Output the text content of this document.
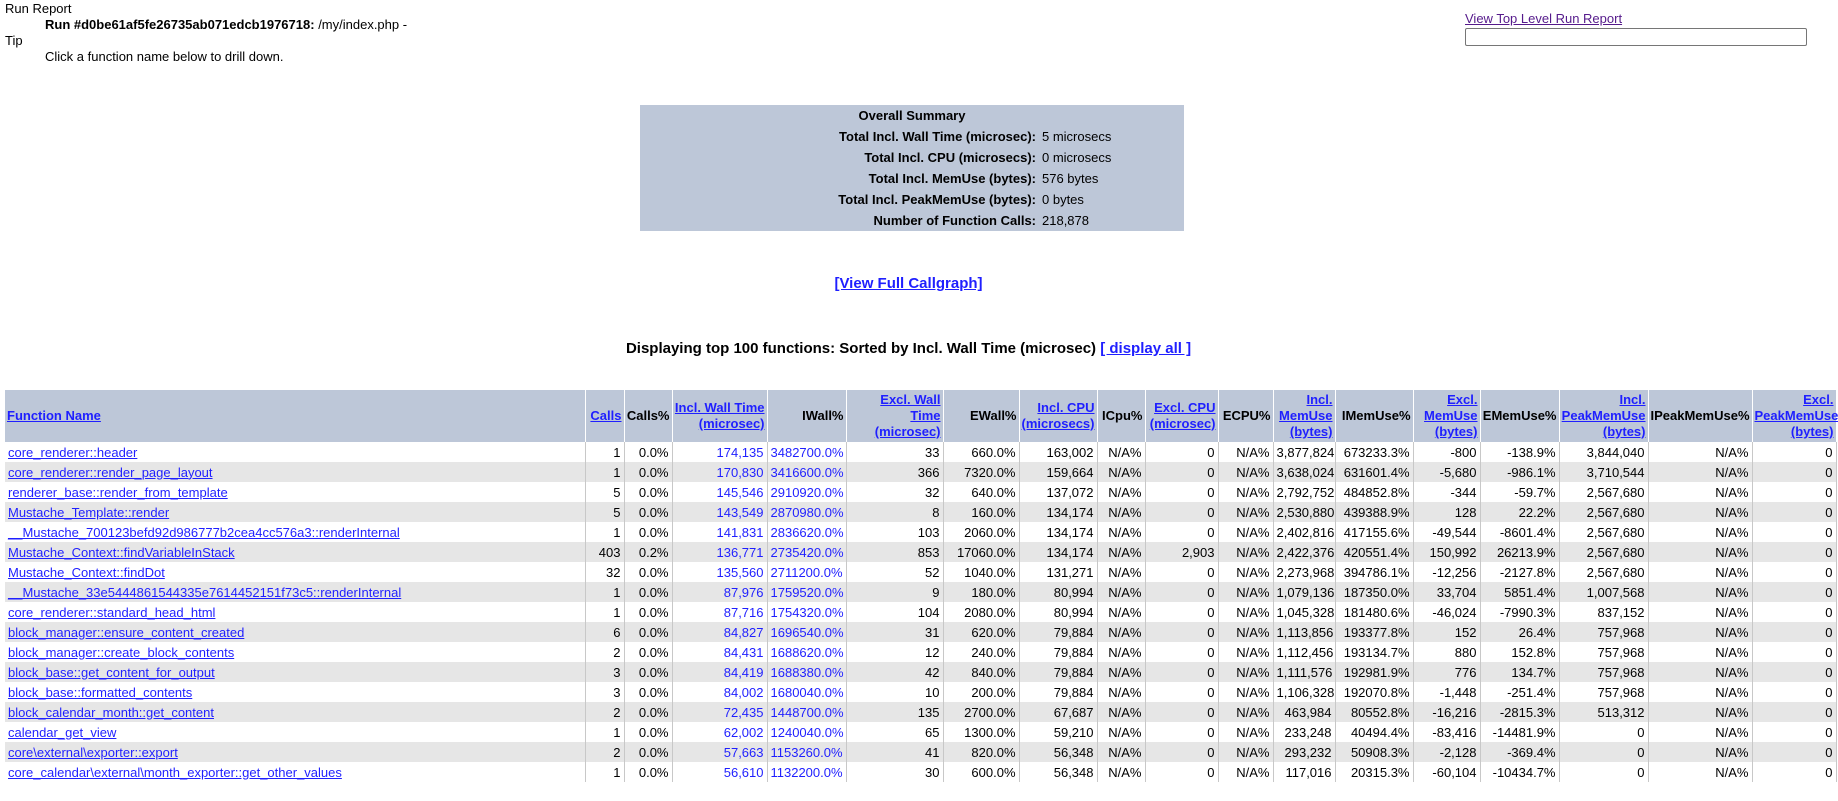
Run Report
Run #d0be61af5fe26735ab071edcb1976718: /my/index.php -
Tip
Click a function name below to drill down.
View Top Level Run Report
Overall Summary	
Total Incl. Wall Time (microsec):	5 microsecs
Total Incl. CPU (microsecs):	0 microsecs
Total Incl. MemUse (bytes):	576 bytes
Total Incl. PeakMemUse (bytes):	0 bytes
Number of Function Calls:	218,878
[View Full Callgraph]
Displaying top 100 functions: Sorted by Incl. Wall Time (microsec) [ display all ]
Function Name	Calls	Calls%	Incl. Wall Time (microsec)	IWall%	Excl. Wall Time (microsec)	EWall%	Incl. CPU (microsecs)	ICpu%	Excl. CPU (microsec)	ECPU%	Incl. MemUse (bytes)	IMemUse%	Excl. MemUse (bytes)	EMemUse%	Incl. PeakMemUse (bytes)	IPeakMemUse%	Excl. PeakMemUse (bytes)
core_renderer::header	1	0.0%	174,135	3482700.0%	33	660.0%	163,002	N/A%	0	N/A%	3,877,824	673233.3%	-800	-138.9%	3,844,040	N/A%	0
core_renderer::render_page_layout	1	0.0%	170,830	3416600.0%	366	7320.0%	159,664	N/A%	0	N/A%	3,638,024	631601.4%	-5,680	-986.1%	3,710,544	N/A%	0
renderer_base::render_from_template	5	0.0%	145,546	2910920.0%	32	640.0%	137,072	N/A%	0	N/A%	2,792,752	484852.8%	-344	-59.7%	2,567,680	N/A%	0
Mustache_Template::render	5	0.0%	143,549	2870980.0%	8	160.0%	134,174	N/A%	0	N/A%	2,530,880	439388.9%	128	22.2%	2,567,680	N/A%	0
__Mustache_700123befd92d986777b2cea4cc576a3::renderInternal	1	0.0%	141,831	2836620.0%	103	2060.0%	134,174	N/A%	0	N/A%	2,402,816	417155.6%	-49,544	-8601.4%	2,567,680	N/A%	0
Mustache_Context::findVariableInStack	403	0.2%	136,771	2735420.0%	853	17060.0%	134,174	N/A%	2,903	N/A%	2,422,376	420551.4%	150,992	26213.9%	2,567,680	N/A%	0
Mustache_Context::findDot	32	0.0%	135,560	2711200.0%	52	1040.0%	131,271	N/A%	0	N/A%	2,273,968	394786.1%	-12,256	-2127.8%	2,567,680	N/A%	0
__Mustache_33e5444861544335e7614452151f73c5::renderInternal	1	0.0%	87,976	1759520.0%	9	180.0%	80,994	N/A%	0	N/A%	1,079,136	187350.0%	33,704	5851.4%	1,007,568	N/A%	0
core_renderer::standard_head_html	1	0.0%	87,716	1754320.0%	104	2080.0%	80,994	N/A%	0	N/A%	1,045,328	181480.6%	-46,024	-7990.3%	837,152	N/A%	0
block_manager::ensure_content_created	6	0.0%	84,827	1696540.0%	31	620.0%	79,884	N/A%	0	N/A%	1,113,856	193377.8%	152	26.4%	757,968	N/A%	0
block_manager::create_block_contents	2	0.0%	84,431	1688620.0%	12	240.0%	79,884	N/A%	0	N/A%	1,112,456	193134.7%	880	152.8%	757,968	N/A%	0
block_base::get_content_for_output	3	0.0%	84,419	1688380.0%	42	840.0%	79,884	N/A%	0	N/A%	1,111,576	192981.9%	776	134.7%	757,968	N/A%	0
block_base::formatted_contents	3	0.0%	84,002	1680040.0%	10	200.0%	79,884	N/A%	0	N/A%	1,106,328	192070.8%	-1,448	-251.4%	757,968	N/A%	0
block_calendar_month::get_content	2	0.0%	72,435	1448700.0%	135	2700.0%	67,687	N/A%	0	N/A%	463,984	80552.8%	-16,216	-2815.3%	513,312	N/A%	0
calendar_get_view	1	0.0%	62,002	1240040.0%	65	1300.0%	59,210	N/A%	0	N/A%	233,248	40494.4%	-83,416	-14481.9%	0	N/A%	0
core\external\exporter::export	2	0.0%	57,663	1153260.0%	41	820.0%	56,348	N/A%	0	N/A%	293,232	50908.3%	-2,128	-369.4%	0	N/A%	0
core_calendar\external\month_exporter::get_other_values	1	0.0%	56,610	1132200.0%	30	600.0%	56,348	N/A%	0	N/A%	117,016	20315.3%	-60,104	-10434.7%	0	N/A%	0
